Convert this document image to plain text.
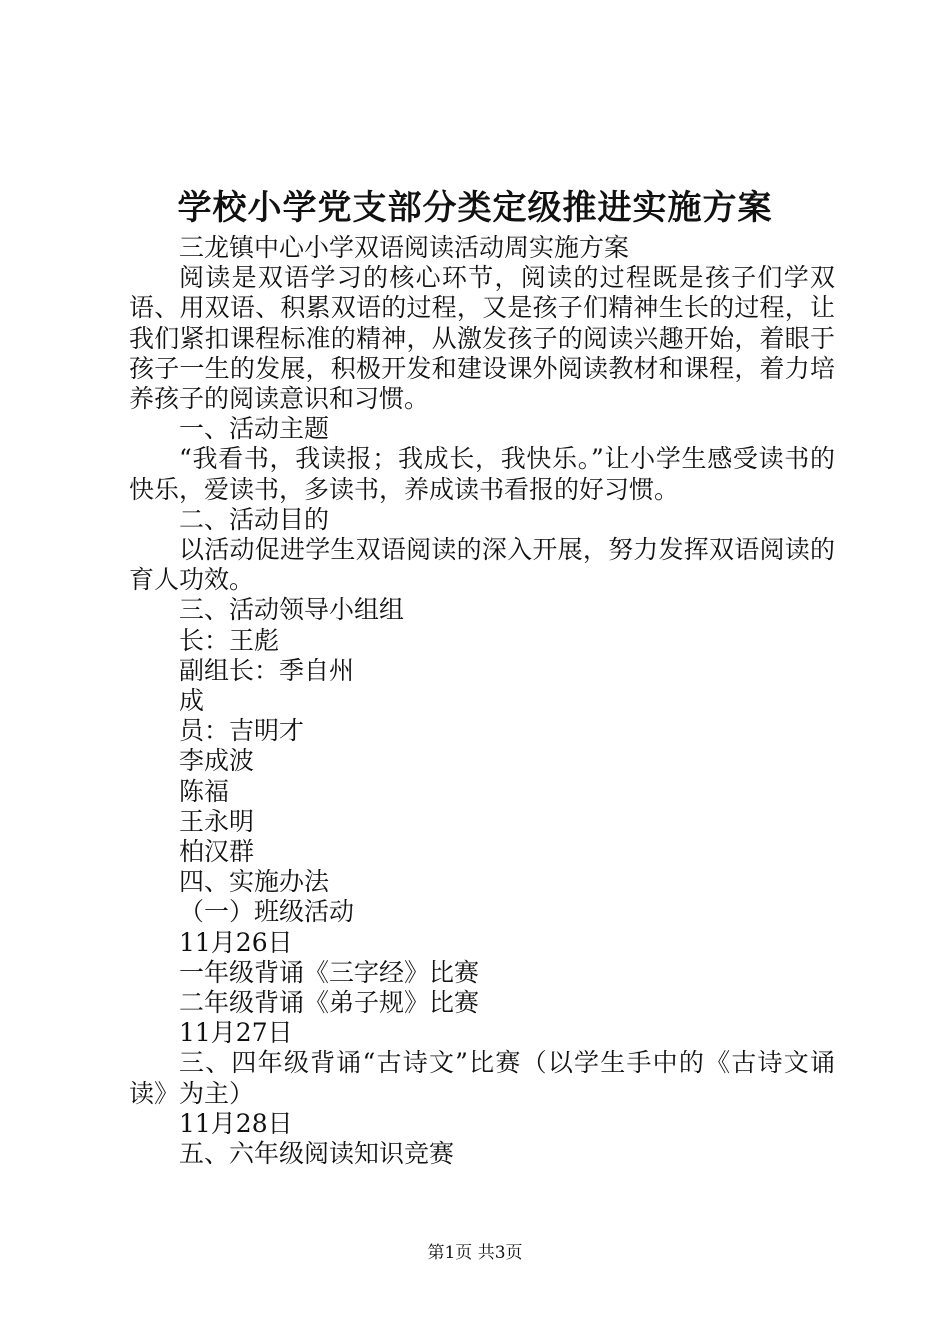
学校小学党支部分类定级推进实施方案

三龙镇中心小学双语阅读活动周实施方案

阅读是双语学习的核心环节，阅读的过程既是孩子们学双语、用双语、积累双语的过程，又是孩子们精神生长的过程，让我们紧扣课程标准的精神，从激发孩子的阅读兴趣开始，着眼于孩子一生的发展，积极开发和建设课外阅读教材和课程，着力培养孩子的阅读意识和习惯。

一、活动主题

“我看书，我读报；我成长，我快乐。”让小学生感受读书的快乐，爱读书，多读书，养成读书看报的好习惯。

二、活动目的

以活动促进学生双语阅读的深入开展，努力发挥双语阅读的育人功效。

三、活动领导小组组

长：王彪

副组长：季自州

成

员：吉明才

李成波

陈福

王永明

柏汉群

四、实施办法

（一）班级活动

11月26日

一年级背诵《三字经》比赛

二年级背诵《弟子规》比赛

11月27日

三、四年级背诵“古诗文”比赛（以学生手中的《古诗文诵读》为主）

11月28日

五、六年级阅读知识竞赛

第1页 共3页
